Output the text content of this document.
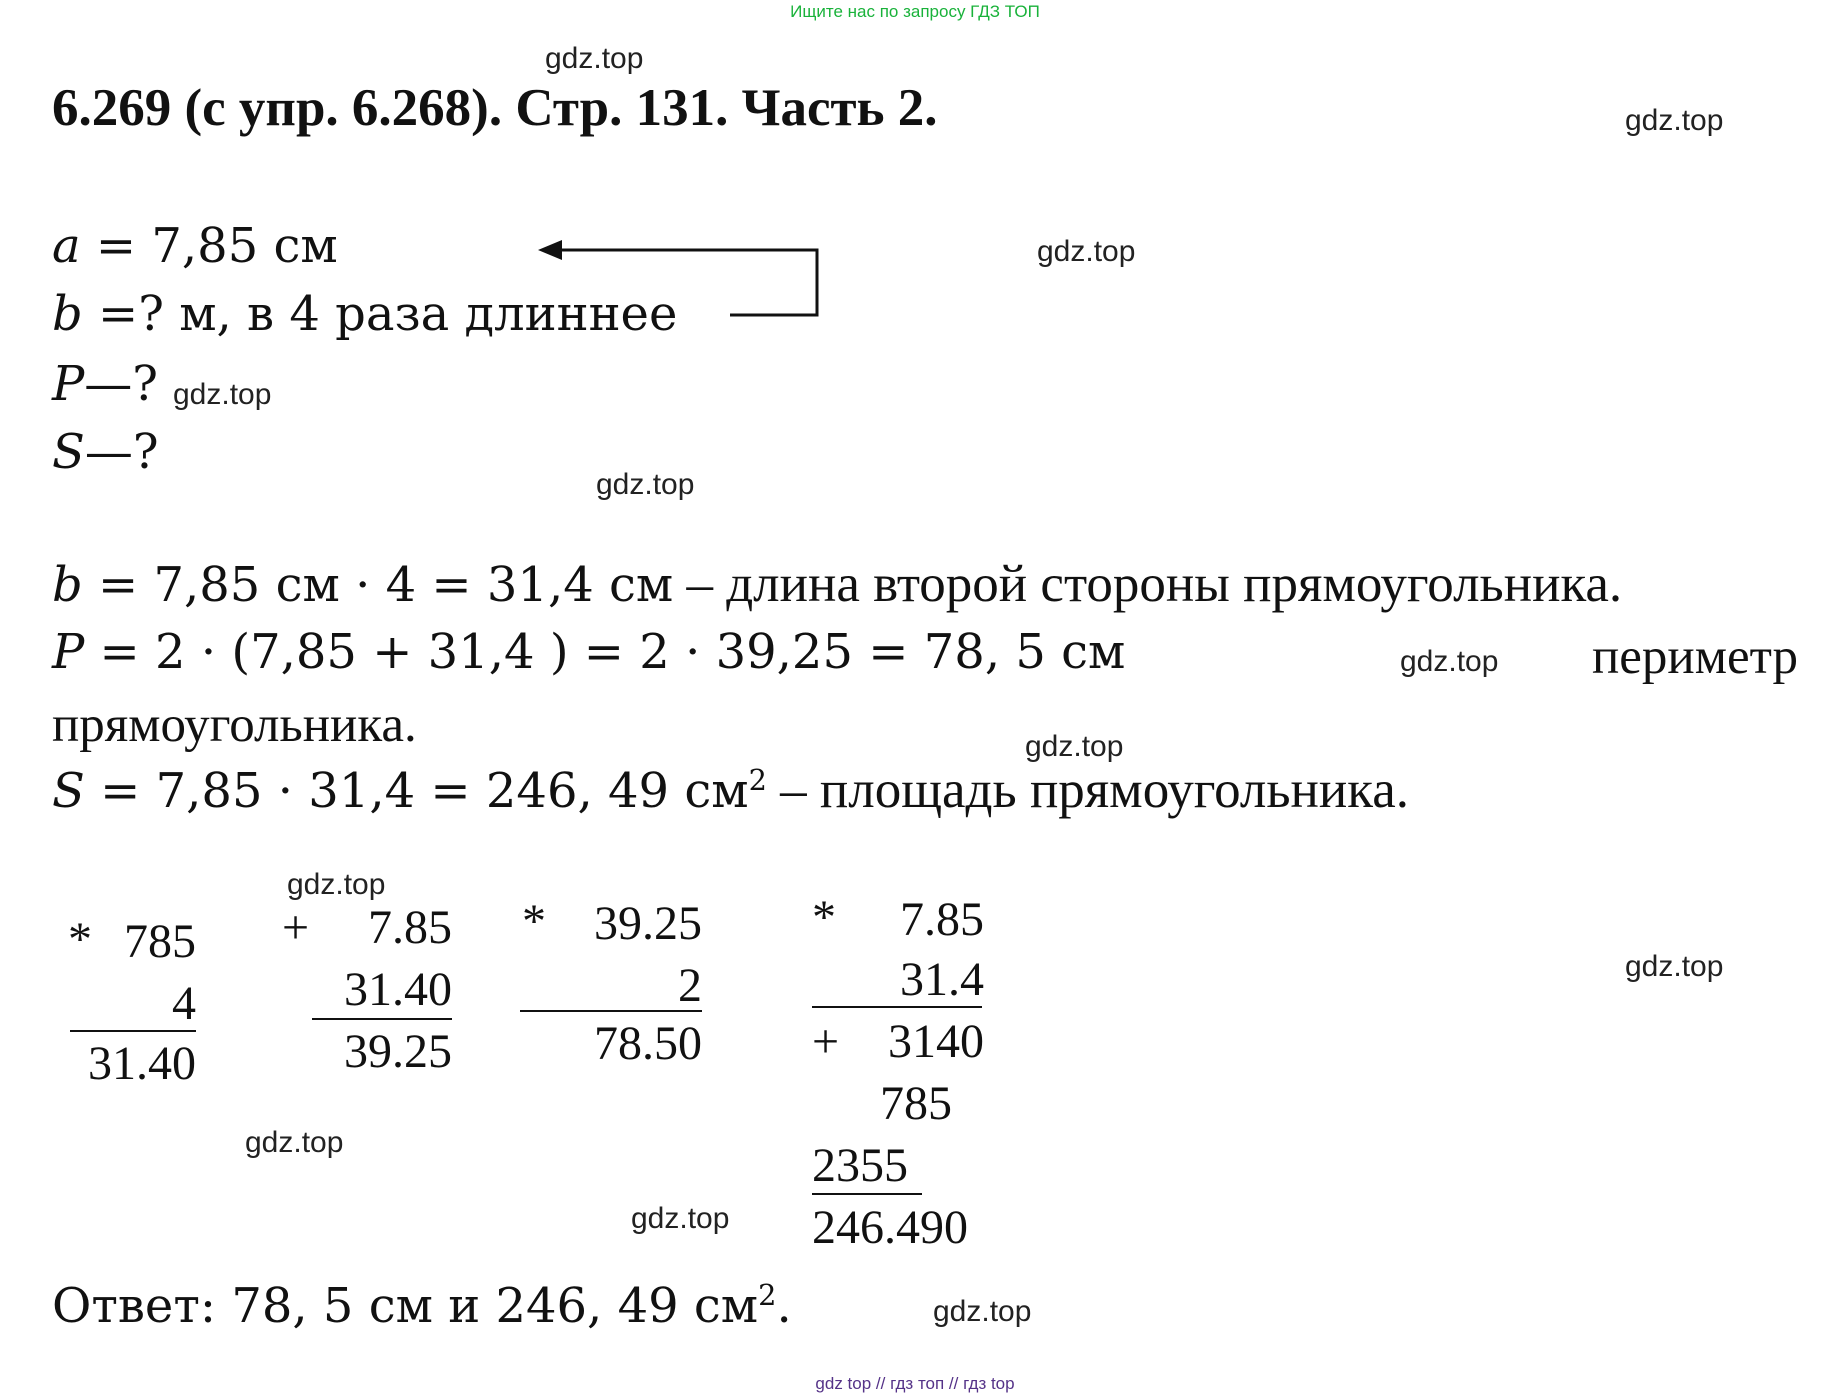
Ищите нас по запросу ГДЗ ТОП
gdz.top
gdz.top
gdz.top
gdz.top
gdz.top
gdz.top
gdz.top
gdz.top
gdz.top
gdz.top
gdz.top
gdz.top
6.269 (с упр. 6.268). Стр. 131. Часть 2.
a = 7,85 см
b =? м, в 4 раза длиннее
P—?
S—?
b = 7,85 см · 4 = 31,4 см – длина второй стороны прямоугольника.
P = 2 · (7,85 + 31,4 ) = 2 · 39,25 = 78, 5 см	периметр
прямоугольника.
S = 7,85 · 31,4 = 246, 49 $см^2$ – площадь прямоугольника.
* 785
4
31.40
+ 7.85
31.40
39.25
* 39.25
2
78.50
* 7.85
31.4
+ 3140
785
2355
246.490
Ответ: 78, 5 см и 246, 49 $см^2$.
gdz top // гдз топ // гдз top
